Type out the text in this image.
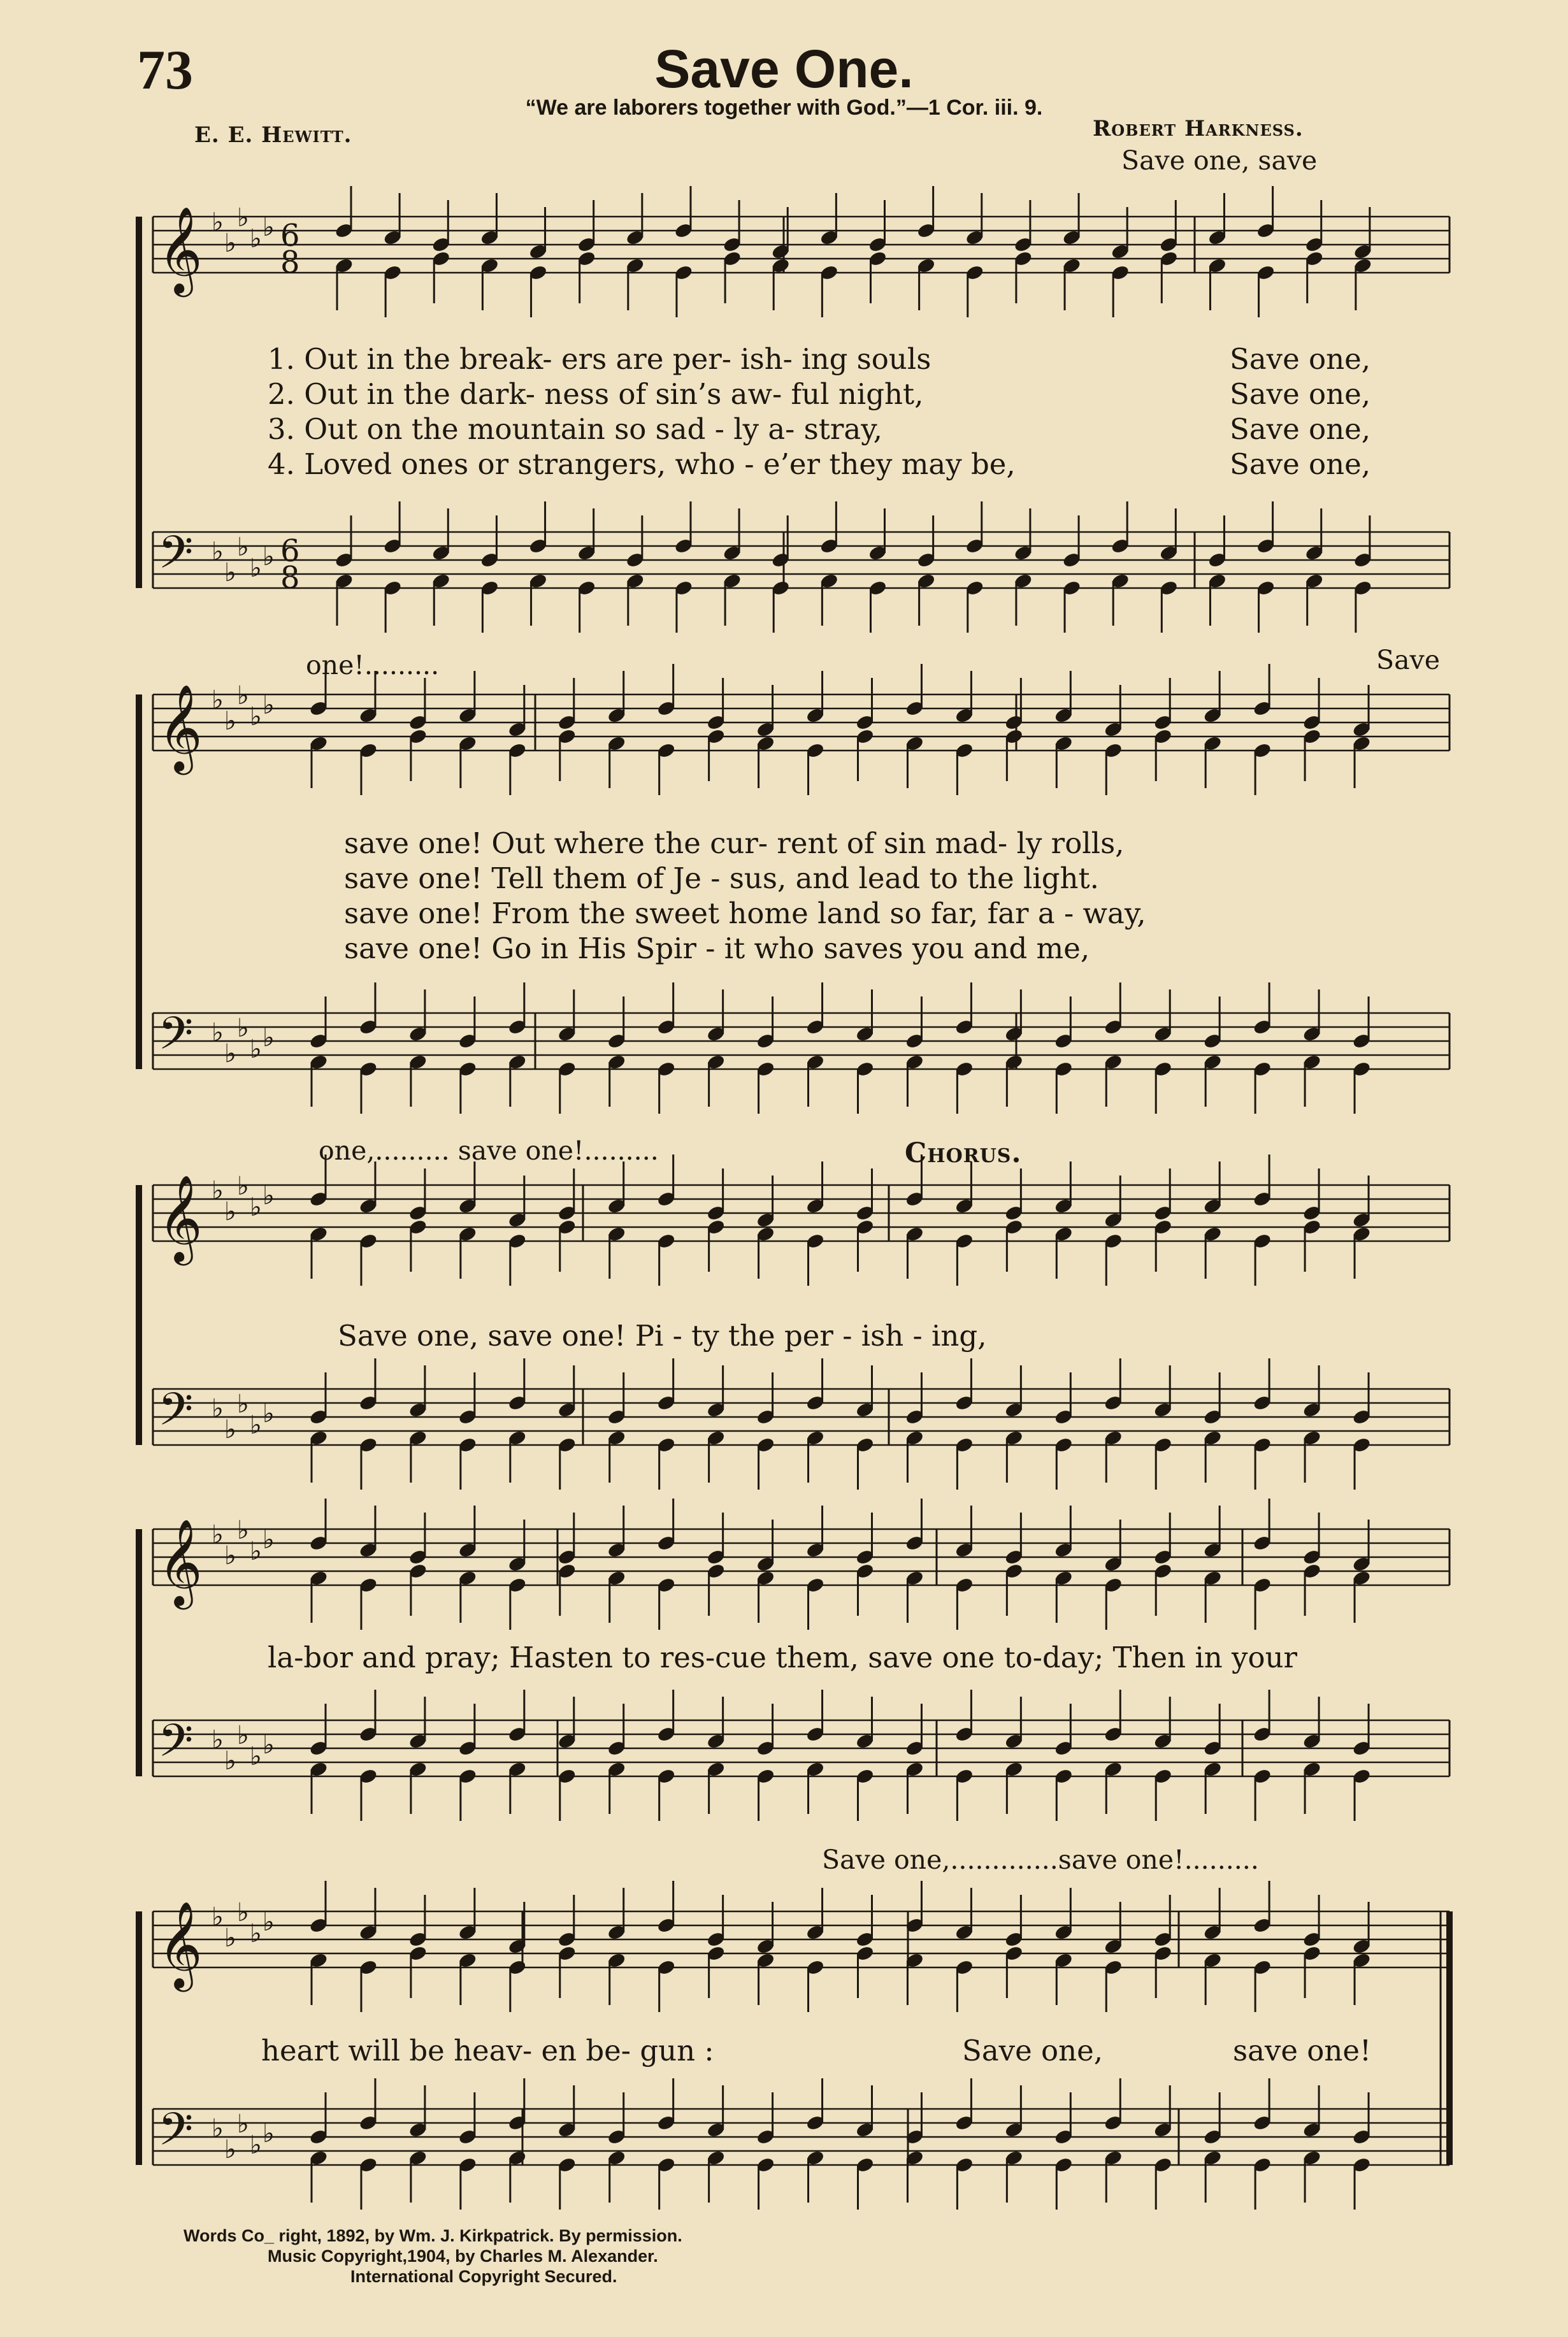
73	Save One.
“We are laborers together with God.”—1 Cor. iii. 9.
E. E. Hewitt.	Robert Harkness.
𝄞
𝄢
♭
♭
♭
♭
♭
♭
♭
♭
♭
♭
6
8
6
8
𝄞
𝄢
♭
♭
♭
♭
♭
♭
♭
♭
♭
♭
𝄞
𝄢
♭
♭
♭
♭
♭
♭
♭
♭
♭
♭
𝄞
𝄢
♭
♭
♭
♭
♭
♭
♭
♭
♭
♭
𝄞
𝄢
♭
♭
♭
♭
♭
♭
♭
♭
♭
♭
Save one, save
1. Out in the break- ers are per- ish- ing souls
2. Out in the dark- ness of sin’s aw- ful night,
3. Out on the mountain so sad - ly a- stray,
4. Loved ones or strangers, who - e’er they may be,
Save one,
Save one,
Save one,
Save one,
one!.........	Save
save one! Out where the cur- rent of sin mad- ly rolls,
save one! Tell them of Je - sus, and lead to the light.
save one! From the sweet home land so far, far a - way,
save one! Go in His Spir - it who saves you and me,
one,......... save one!.........	Chorus.
Save one, save one! Pi - ty the per - ish - ing,
la-bor and pray; Hasten to res-cue them, save one to-day; Then in your
Save one,.............save one!.........
heart will be heav- en be- gun :	Save one,	save one!
Words Co_ right, 1892, by Wm. J. Kirkpatrick. By permission.
Music Copyright,1904, by Charles M. Alexander.
International Copyright Secured.
